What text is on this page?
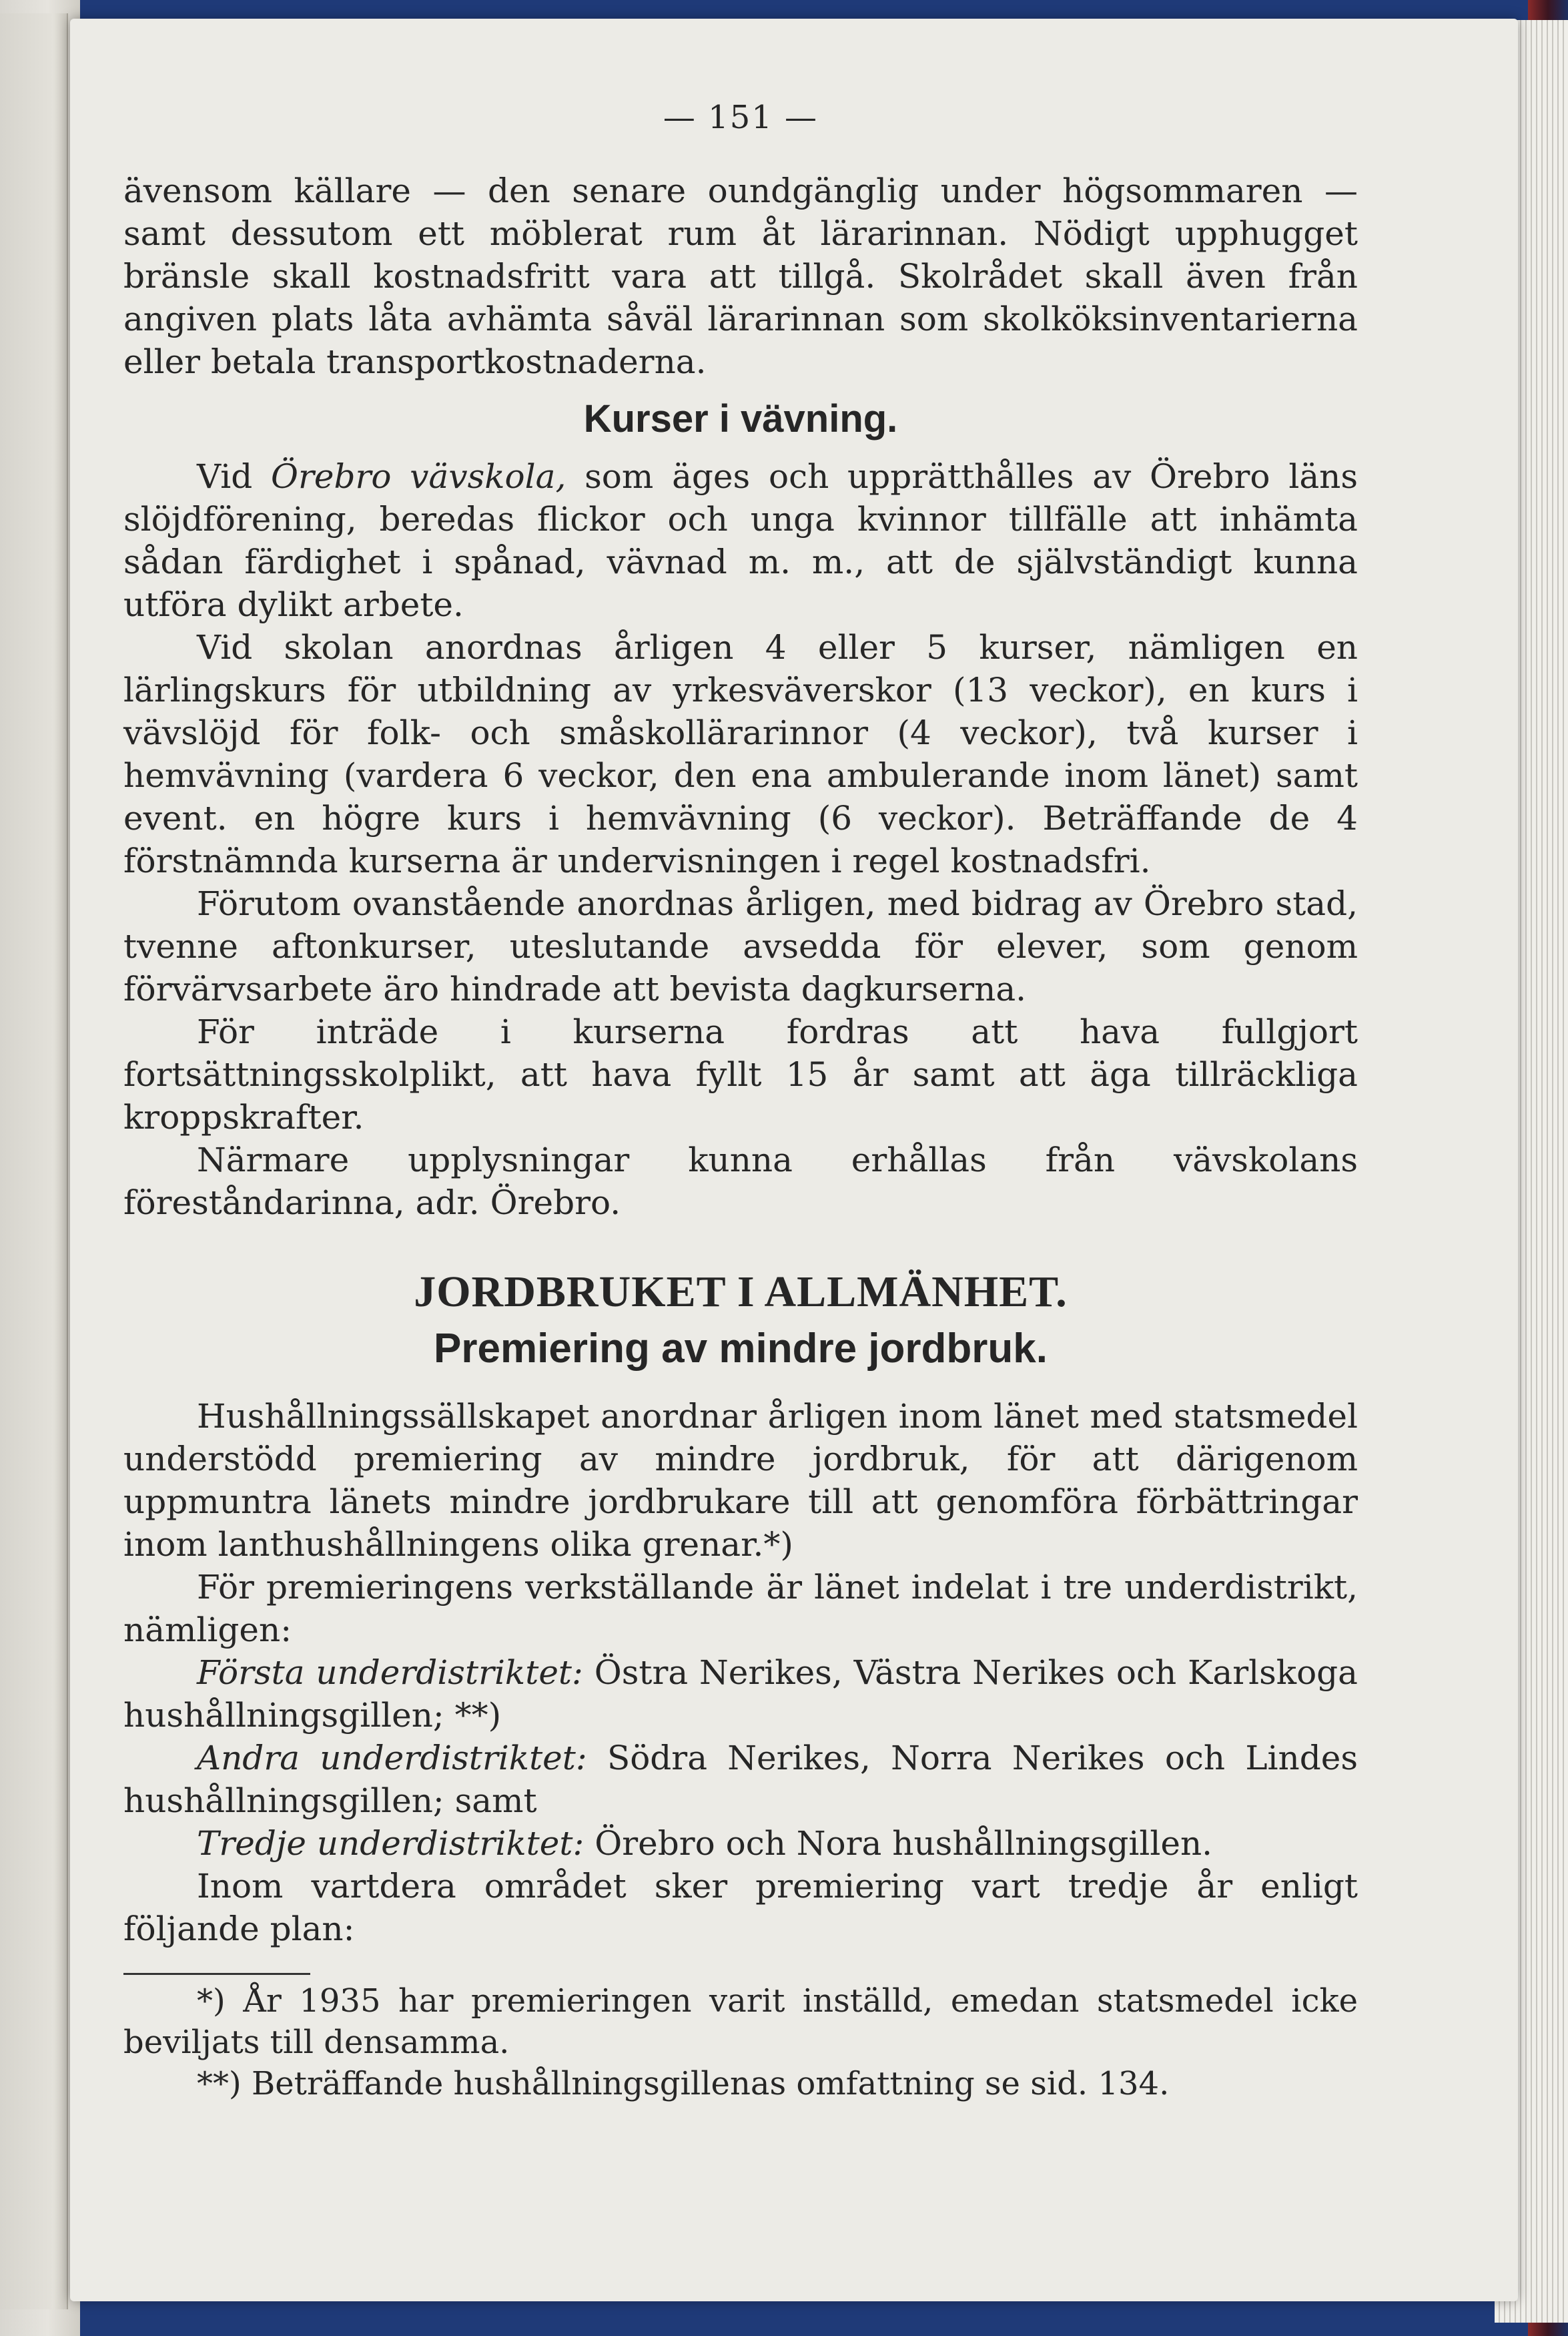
— 151 —

ävensom källare — den senare oundgänglig under högsommaren — samt dessutom ett möblerat rum åt lärarinnan. Nödigt upphugget bränsle skall kostnadsfritt vara att tillgå. Skolrådet skall även från angiven plats låta avhämta såväl lärarinnan som skolköksinventarierna eller betala transportkostnaderna.

Kurser i vävning.

Vid Örebro vävskola, som äges och upprätthålles av Örebro läns slöjdförening, beredas flickor och unga kvinnor tillfälle att inhämta sådan färdighet i spånad, vävnad m. m., att de självständigt kunna utföra dylikt arbete.

Vid skolan anordnas årligen 4 eller 5 kurser, nämligen en lärlingskurs för utbildning av yrkesväverskor (13 veckor), en kurs i vävslöjd för folk- och småskollärarinnor (4 veckor), två kurser i hemvävning (vardera 6 veckor, den ena ambulerande inom länet) samt event. en högre kurs i hemvävning (6 veckor). Beträffande de 4 förstnämnda kurserna är undervisningen i regel kostnadsfri.

Förutom ovanstående anordnas årligen, med bidrag av Örebro stad, tvenne aftonkurser, uteslutande avsedda för elever, som genom förvärvsarbete äro hindrade att bevista dagkurserna.

För inträde i kurserna fordras att hava fullgjort fortsättningsskolplikt, att hava fyllt 15 år samt att äga tillräckliga kroppskrafter.

Närmare upplysningar kunna erhållas från vävskolans föreståndarinna, adr. Örebro.

JORDBRUKET I ALLMÄNHET.
Premiering av mindre jordbruk.

Hushållningssällskapet anordnar årligen inom länet med statsmedel understödd premiering av mindre jordbruk, för att därigenom uppmuntra länets mindre jordbrukare till att genomföra förbättringar inom lanthushållningens olika grenar.*)

För premieringens verkställande är länet indelat i tre underdistrikt, nämligen:

Första underdistriktet: Östra Nerikes, Västra Nerikes och Karlskoga hushållningsgillen; **)

Andra underdistriktet: Södra Nerikes, Norra Nerikes och Lindes hushållningsgillen; samt

Tredje underdistriktet: Örebro och Nora hushållningsgillen.

Inom vartdera området sker premiering vart tredje år enligt följande plan:

*) År 1935 har premieringen varit inställd, emedan statsmedel icke beviljats till densamma.

**) Beträffande hushållningsgillenas omfattning se sid. 134.
